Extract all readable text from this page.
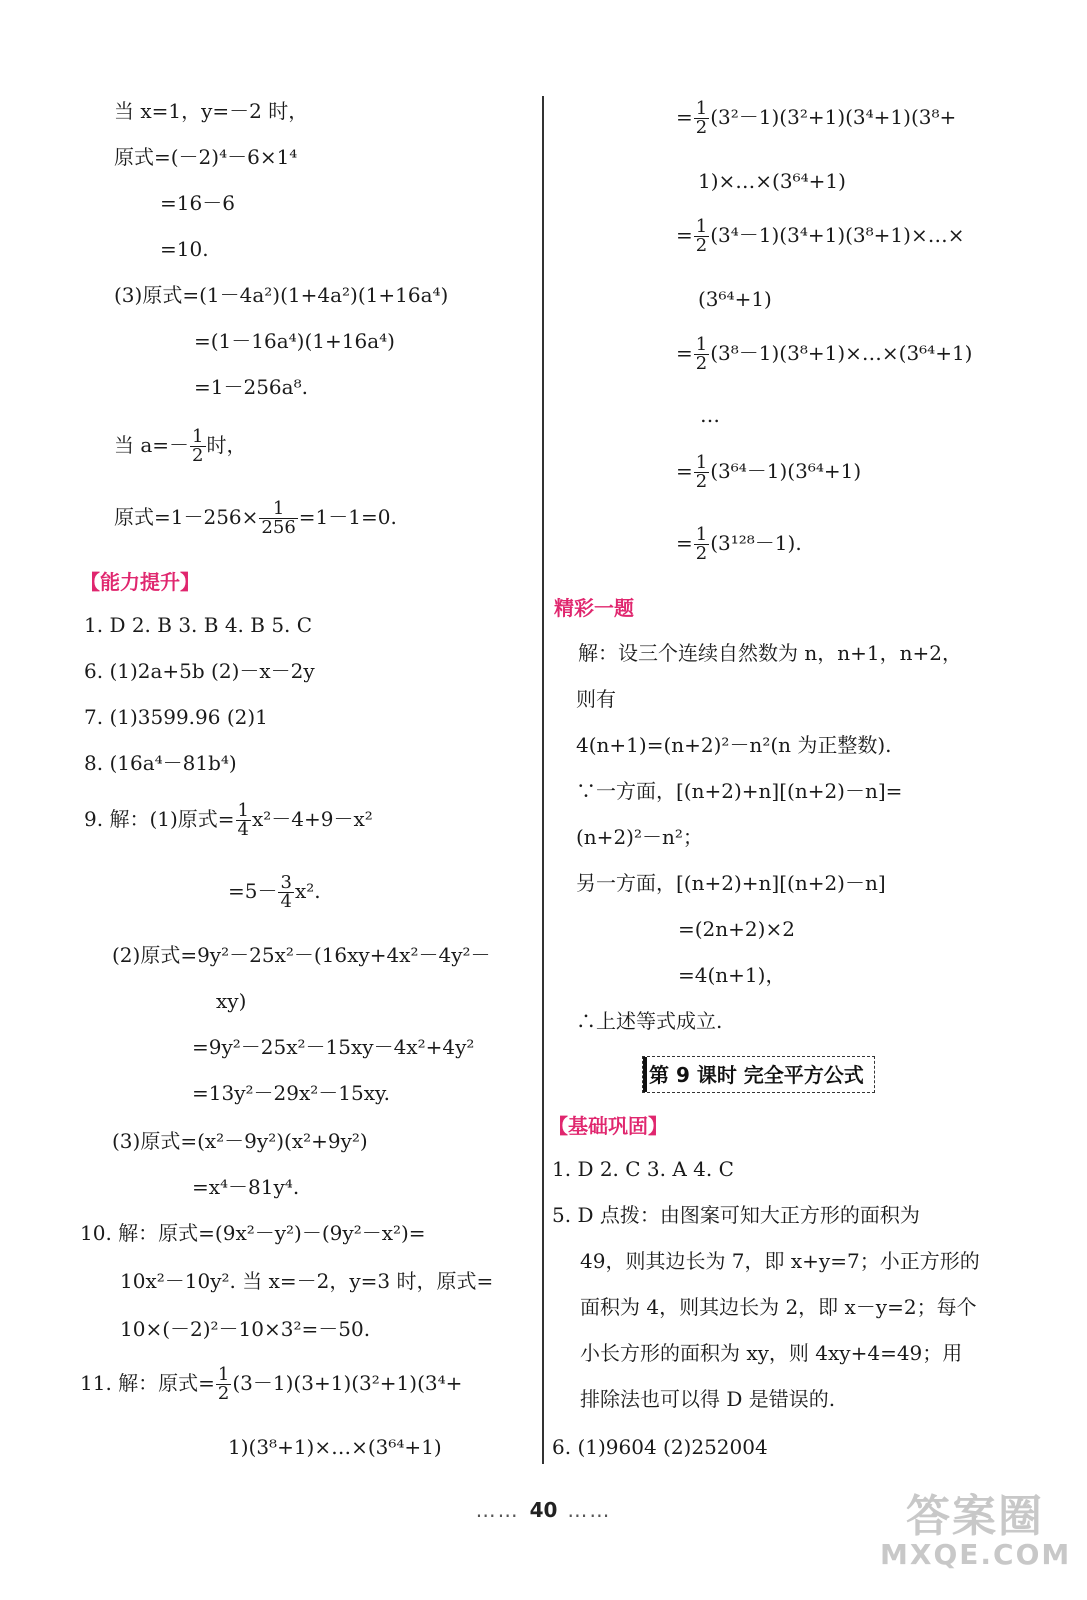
当 x=1，y=－2 时，
原式=(－2)⁴－6×1⁴
=16－6
=10.
(3)原式=(1－4a²)(1+4a²)(1+16a⁴)
=(1－16a⁴)(1+16a⁴)
=1－256a⁸.
当 $a=- \frac{1}{2}$ 时，
原式$=1-256\times \frac{1}{256} =1-1=0$.
【能力提升】
1. D 2. B 3. B 4. B 5. C
6. (1)2a+5b (2)－x－2y
7. (1)3599.96 (2)1
8. (16a⁴－81b⁴)
9. 解：(1)原式= $\frac{1}{4} x^2-4+9-x^2$
$=5- \frac{3}{4} x^2$.
(2)原式=9y²－25x²－(16xy+4x²－4y²－
xy)
=9y²－25x²－15xy－4x²+4y²
=13y²－29x²－15xy.
(3)原式=(x²－9y²)(x²+9y²)
=x⁴－81y⁴.
10. 解：原式=(9x²－y²)－(9y²－x²)=
10x²－10y². 当 x=－2，y=3 时，原式=
10×(－2)²－10×3²=－50.
11. 解：原式= $\frac{1}{2} (3-1)(3+1)(3^2+1)(3^4+$
1)(3⁸+1)×…×(3⁶⁴+1)
= $\frac{1}{2} (3^2-1)(3^2+1)(3^4+1)(3^8+$
1)×…×(3⁶⁴+1)
= $\frac{1}{2}$ (3⁴－1)(3⁴+1)(3⁸+1)×…×
(3⁶⁴+1)
= $\frac{1}{2}$ (3⁸－1)(3⁸+1)×…×(3⁶⁴+1)
…
= $\frac{1}{2} (3^{64}-1)(3^{64}+1)$
= $\frac{1}{2} (3^{128}-1)$.
精彩一题
解：设三个连续自然数为 n，n+1，n+2，
则有
4(n+1)=(n+2)²－n²(n 为正整数).
∵一方面，[(n+2)+n][(n+2)－n]=
(n+2)²－n²；
另一方面，[(n+2)+n][(n+2)－n]
=(2n+2)×2
=4(n+1)，
∴上述等式成立.
第 9 课时 完全平方公式
【基础巩固】
1. D 2. C 3. A 4. C
5. D 点拨：由图案可知大正方形的面积为
49，则其边长为 7，即 x+y=7；小正方形的
面积为 4，则其边长为 2，即 x－y=2；每个
小长方形的面积为 xy，则 4xy+4=49；用
排除法也可以得 D 是错误的.
6. (1)9604 (2)252004
…… 40 ……	答案圈
MXQE.COM
